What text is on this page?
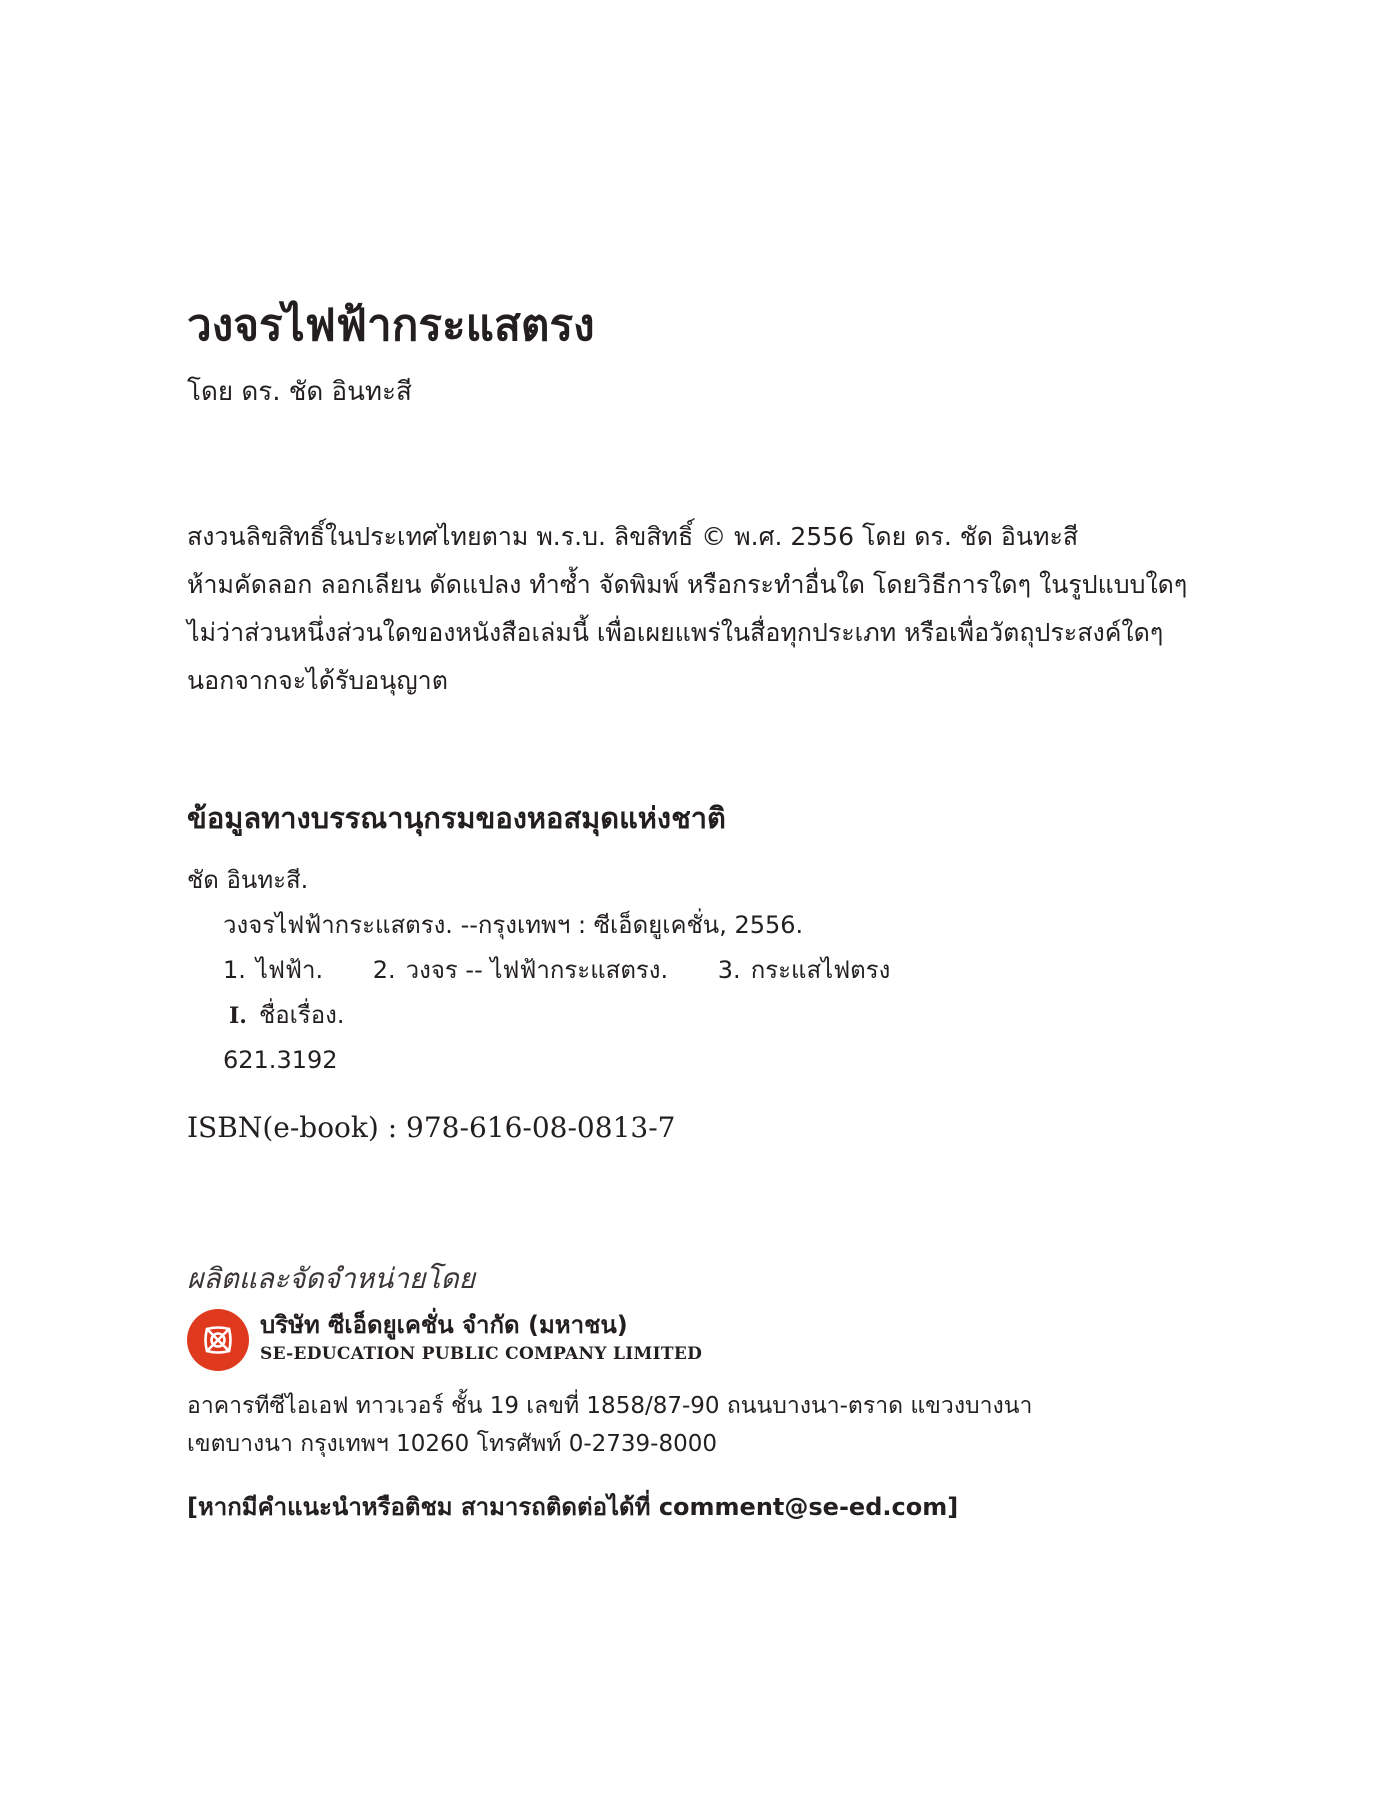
วงจรไฟฟ้ากระแสตรง
โดย ดร. ชัด อินทะสี
สงวนลิขสิทธิ์ในประเทศไทยตาม พ.ร.บ. ลิขสิทธิ์ © พ.ศ. 2556 โดย ดร. ชัด อินทะสี
ห้ามคัดลอก ลอกเลียน ดัดแปลง ทำซ้ำ จัดพิมพ์ หรือกระทำอื่นใด โดยวิธีการใดๆ ในรูปแบบใดๆ
ไม่ว่าส่วนหนึ่งส่วนใดของหนังสือเล่มนี้ เพื่อเผยแพร่ในสื่อทุกประเภท หรือเพื่อวัตถุประสงค์ใดๆ
นอกจากจะได้รับอนุญาต
ข้อมูลทางบรรณานุกรมของหอสมุดแห่งชาติ
ชัด อินทะสี.
วงจรไฟฟ้ากระแสตรง. --กรุงเทพฯ : ซีเอ็ดยูเคชั่น, 2556.
1. ไฟฟ้า. 2. วงจร -- ไฟฟ้ากระแสตรง. 3. กระแสไฟตรง
I. ชื่อเรื่อง.
621.3192
ISBN(e-book) : 978-616-08-0813-7
ผลิตและจัดจำหน่ายโดย
บริษัท ซีเอ็ดยูเคชั่น จำกัด (มหาชน)
SE-EDUCATION PUBLIC COMPANY LIMITED
อาคารทีซีไอเอฟ ทาวเวอร์ ชั้น 19 เลขที่ 1858/87-90 ถนนบางนา-ตราด แขวงบางนา
เขตบางนา กรุงเทพฯ 10260 โทรศัพท์ 0-2739-8000
[หากมีคำแนะนำหรือติชม สามารถติดต่อได้ที่ comment@se-ed.com]
